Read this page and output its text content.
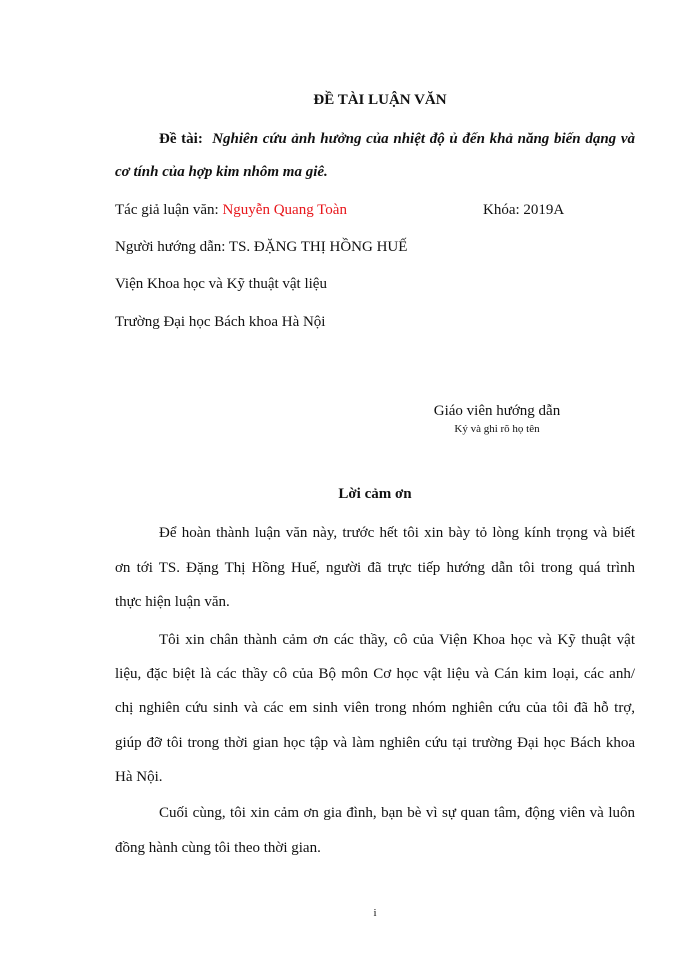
ĐỀ TÀI LUẬN VĂN
Đề tài: Nghiên cứu ảnh hưởng của nhiệt độ ủ đến khả năng biến dạng và
cơ tính của hợp kim nhôm ma giê.
Tác giả luận văn: Nguyễn Quang Toàn	Khóa: 2019A
Người hướng dẫn: TS. ĐẶNG THỊ HỒNG HUẾ
Viện Khoa học và Kỹ thuật vật liệu
Trường Đại học Bách khoa Hà Nội
Giáo viên hướng dẫn
Ký và ghi rõ họ tên
Lời cảm ơn
Để hoàn thành luận văn này, trước hết tôi xin bày tỏ lòng kính trọng và biết
ơn tới TS. Đặng Thị Hồng Huế, người đã trực tiếp hướng dẫn tôi trong quá trình
thực hiện luận văn.
Tôi xin chân thành cảm ơn các thầy, cô của Viện Khoa học và Kỹ thuật vật
liệu, đặc biệt là các thầy cô của Bộ môn Cơ học vật liệu và Cán kim loại, các anh/
chị nghiên cứu sinh và các em sinh viên trong nhóm nghiên cứu của tôi đã hỗ trợ,
giúp đỡ tôi trong thời gian học tập và làm nghiên cứu tại trường Đại học Bách khoa
Hà Nội.
Cuối cùng, tôi xin cảm ơn gia đình, bạn bè vì sự quan tâm, động viên và luôn
đồng hành cùng tôi theo thời gian.
i
